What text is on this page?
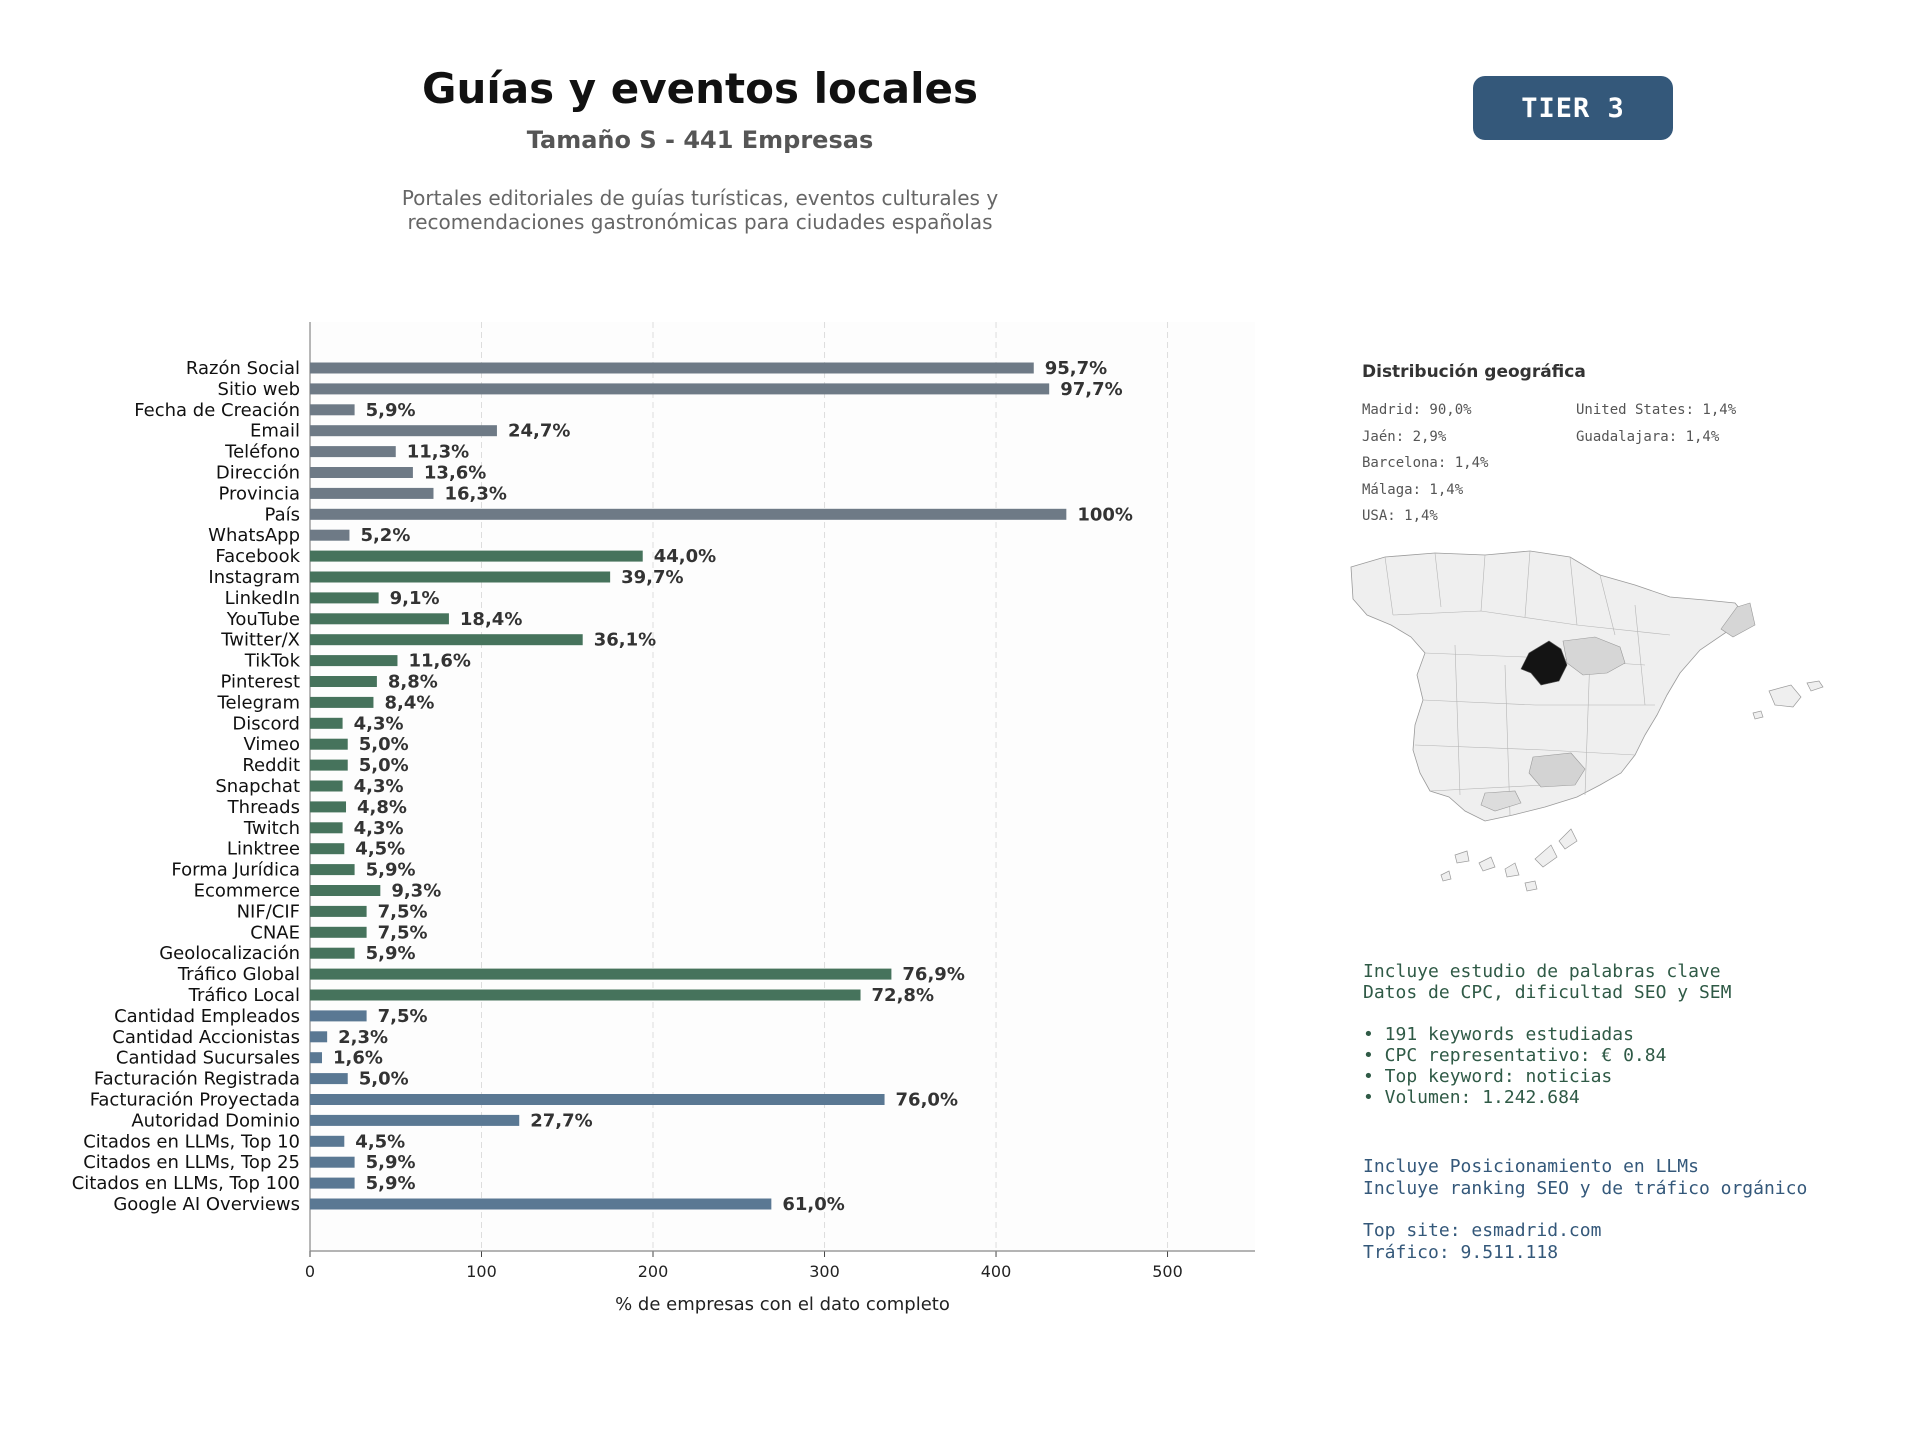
Guías y eventos locales
Tamaño S - 441 Empresas
Portales editoriales de guías turísticas, eventos culturales y
recomendaciones gastronómicas para ciudades españolas
TIER 3
0	100	200	300	400	500
% de empresas con el dato completo
Razón Social	95,7%
Sitio web	97,7%
Fecha de Creación	5,9%
Email	24,7%
Teléfono	11,3%
Dirección	13,6%
Provincia	16,3%
País	100%
WhatsApp	5,2%
Facebook	44,0%
Instagram	39,7%
LinkedIn	9,1%
YouTube	18,4%
Twitter/X	36,1%
TikTok	11,6%
Pinterest	8,8%
Telegram	8,4%
Discord	4,3%
Vimeo	5,0%
Reddit	5,0%
Snapchat	4,3%
Threads	4,8%
Twitch	4,3%
Linktree	4,5%
Forma Jurídica	5,9%
Ecommerce	9,3%
NIF/CIF	7,5%
CNAE	7,5%
Geolocalización	5,9%
Tráfico Global	76,9%
Tráfico Local	72,8%
Cantidad Empleados	7,5%
Cantidad Accionistas 2,3%
Cantidad Sucursales 1,6%
Facturación Registrada	5,0%
Facturación Proyectada	76,0%
Autoridad Dominio	27,7%
Citados en LLMs, Top 10	4,5%
Citados en LLMs, Top 25	5,9%
Citados en LLMs, Top 100	5,9%
Google AI Overviews	61,0%
Distribución geográfica
Madrid: 90,0%
Jaén: 2,9%
Barcelona: 1,4%
Málaga: 1,4%
USA: 1,4%
United States: 1,4%
Guadalajara: 1,4%
Incluye estudio de palabras clave
Datos de CPC, dificultad SEO y SEM
• 191 keywords estudiadas
• CPC representativo: € 0.84
• Top keyword: noticias
• Volumen: 1.242.684
Incluye Posicionamiento en LLMs
Incluye ranking SEO y de tráfico orgánico
Top site: esmadrid.com
Tráfico: 9.511.118
